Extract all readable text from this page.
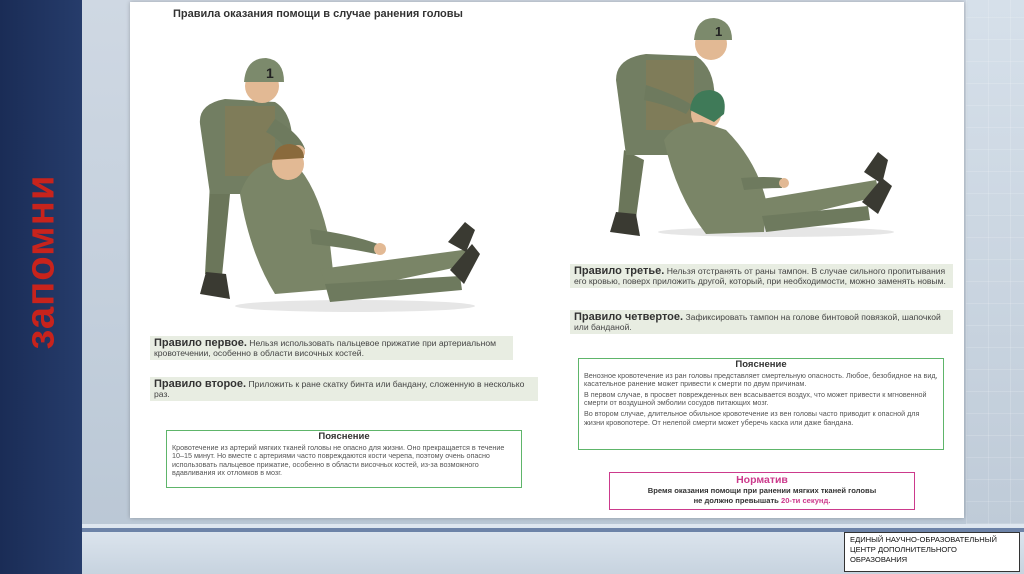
запомни
Правила оказания помощи в случае ранения головы
1
1
Правило первое. Нельзя использовать пальцевое прижатие при артериальном кровотечении, особенно в области височных костей.
Правило второе. Приложить к ране скатку бинта или бандану, сложенную в несколько раз.
Правило третье. Нельзя отстранять от раны тампон. В случае сильного пропитывания его кровью, поверх приложить другой, который, при необходимости, можно заменять новым.
Правило четвертое. Зафиксировать тампон на голове бинтовой повязкой, шапочкой или банданой.
Пояснение

Кровотечение из артерий мягких тканей головы не опасно для жизни. Оно прекращается в течение 10–15 минут. Но вместе с артериями часто повреждаются кости черепа, поэтому очень опасно использовать пальцевое прижатие, особенно в области височных костей, из-за возможного вдавливания их отломков в мозг.

Пояснение

Венозное кровотечение из ран головы представляет смертельную опасность. Любое, безобидное на вид, касательное ранение может привести к смерти по двум причинам.

В первом случае, в просвет поврежденных вен всасывается воздух, что может привести к мгновенной смерти от воздушной эмболии сосудов питающих мозг.

Во втором случае, длительное обильное кровотечение из вен головы часто приводит к опасной для жизни кровопотере. От нелепой смерти может уберечь каска или даже бандана.

Норматив
Время оказания помощи при ранении мягких тканей головы
не должно превышать 20-ти секунд.
ЕДИНЫЙ НАУЧНО-ОБРАЗОВАТЕЛЬНЫЙ
ЦЕНТР ДОПОЛНИТЕЛЬНОГО
ОБРАЗОВАНИЯ
